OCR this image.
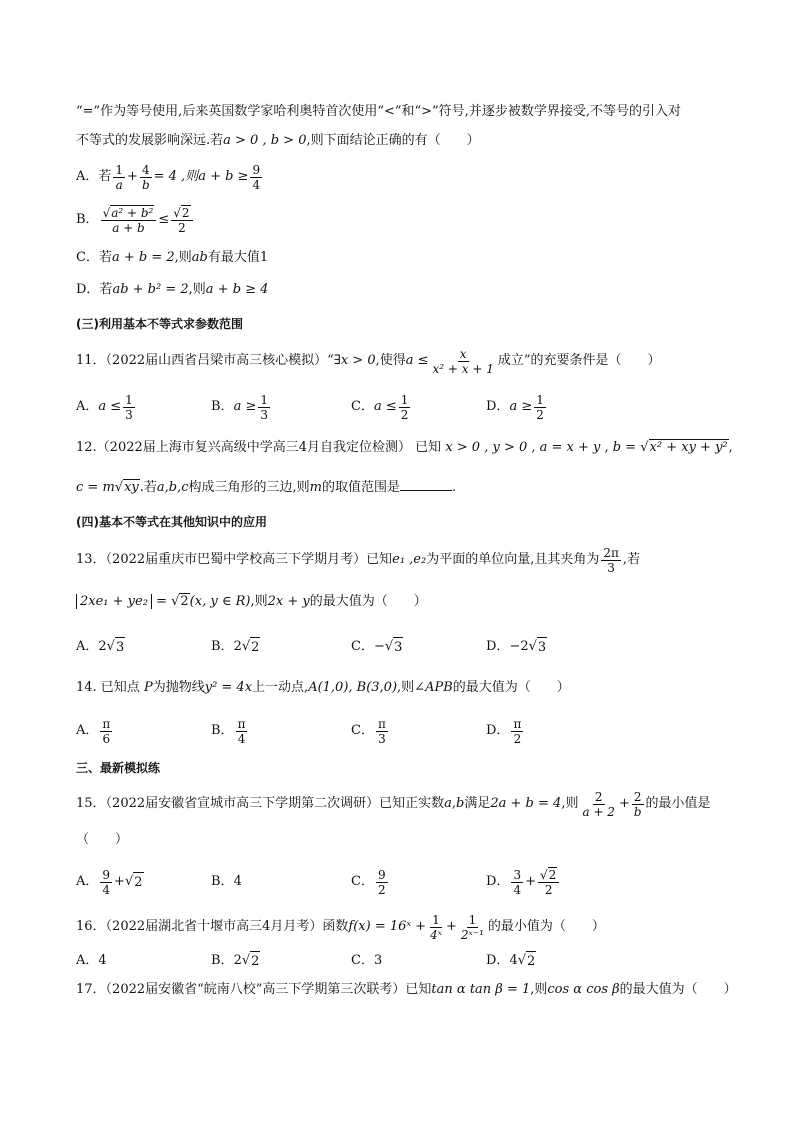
“=”作为等号使用,后来英国数学家哈利奥特首次使用“<”和“>”符号,并逐步被数学界接受,不等号的引入对
不等式的发展影响深远.若a > 0 , b > 0,则下面结论正确的有（　　）
A．若 $\frac{1}{a} + \frac{4}{b} = 4$ ,则 $a + b \ge \frac{9}{4}$
B． $\frac{\text{√a² + b²}}{a + b} \le \frac{√2}{2}$
C．若a + b = 2,则ab有最大值1
D．若ab + b² = 2,则a + b ≥ 4
(三)利用基本不等式求参数范围
11．（2022届山西省吕梁市高三核心模拟）“ ∃x > 0 ,使得 $a \le \frac{x}{\text{x² + x + 1}}$ 成立”的充要条件是（　　）
A． $a \le \frac{1}{3}$	B． $a \ge \frac{1}{3}$	C． $a \le \frac{1}{2}$	D． $a \ge \frac{1}{2}$
12.（2022届上海市复兴高级中学高三4月自我定位检测） 已知 x > 0 , y > 0 , a = x + y , b = √x² + xy + y²,
c = m√xy.若a,b,c构成三角形的三边,则m的取值范围是	.
(四)基本不等式在其他知识中的应用
13．（2022届重庆市巴蜀中学校高三下学期月考）已知 e₁ ,e₂ 为平面的单位向量,且其夹角为 $\frac{2\pi}{3}$ ,若
2xe₁ + ye₂ = √2(x, y ∈ R),则2x + y的最大值为（　　）
A． 2 √ 3	B． 2 √ 2	C． − √ 3	D． −2 √ 3
14. 已知点 P为抛物线y² = 4x上一动点,A(1,0), B(3,0),则∠APB的最大值为（　　）
A． $\frac{\pi}{6}$	B． $\frac{\pi}{4}$	C． $\frac{\pi}{3}$	D． $\frac{\pi}{2}$
三、最新模拟练
15．（2022届安徽省宣城市高三下学期第二次调研）已知正实数 a,b 满足 2a + b = 4 ,则 $\frac{2}{a + 2} + \frac{2}{b}$ 的最小值是
（　　）
A． $\frac{9}{4}$ + √ 2	B． 4	C． $\frac{9}{2}$	D． $\frac{3}{4} + \frac{√2}{2}$
16．（2022届湖北省十堰市高三4月月考）函数 f(x) = 16ˣ + $\frac{1}{\text{4ˣ}} + \frac{1}{\text{2ˣ⁻¹}}$ 的最小值为（　　）
A． 4	B． 2 √ 2	C． 3	D． 4 √ 2
17．（2022届安徽省“皖南八校”高三下学期第三次联考）已知tan α tan β = 1,则cos α cos β的最大值为（　　）
